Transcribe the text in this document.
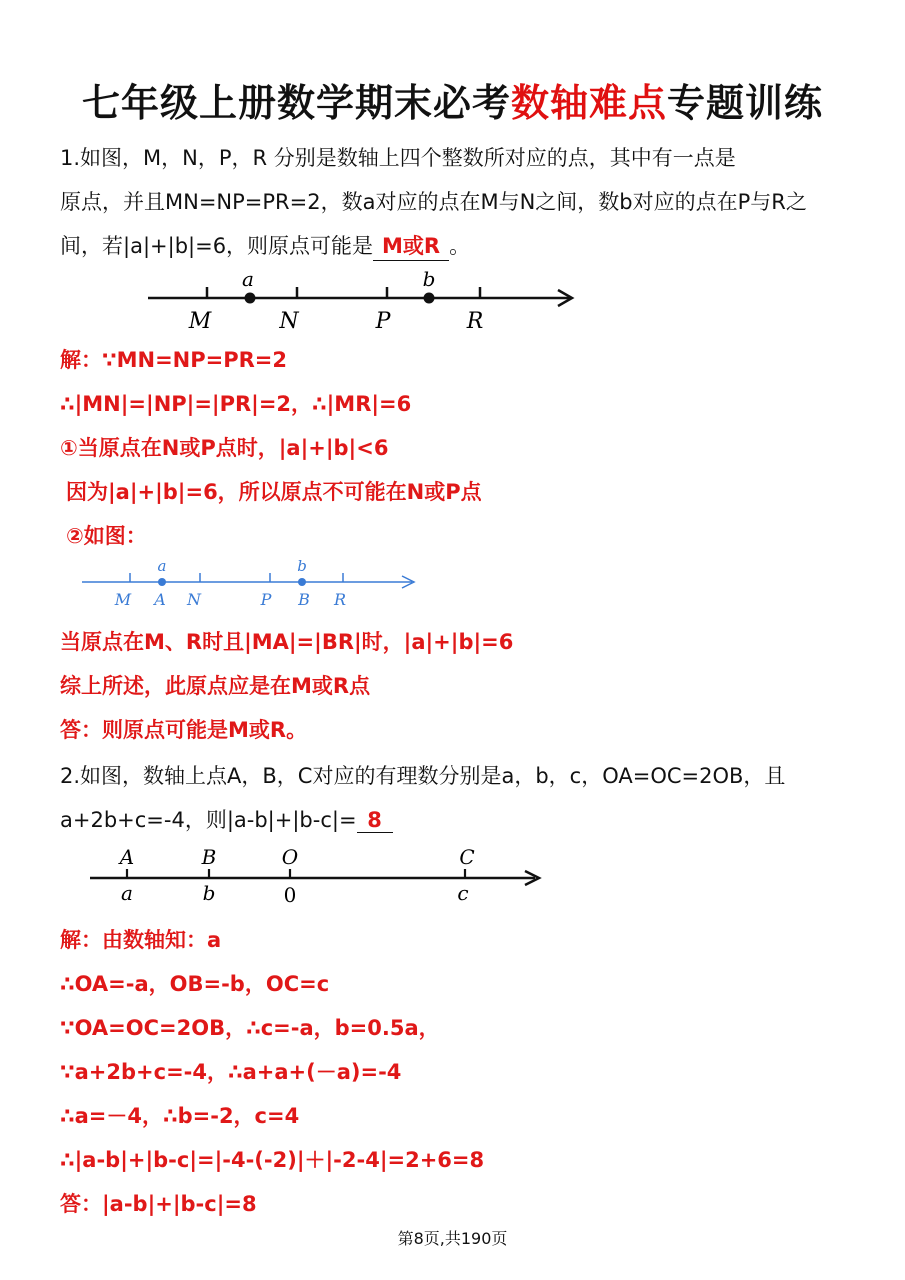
七年级上册数学期末必考数轴难点专题训练
1.如图，M，N，P，R 分别是数轴上四个整数所对应的点，其中有一点是
原点，并且MN=NP=PR=2，数a对应的点在M与N之间，数b对应的点在P与R之
间，若|a|+|b|=6，则原点可能是 M或R 。
a	b
M	N	P	R
解：∵MN=NP=PR=2
∴|MN|=|NP|=|PR|=2，∴|MR|=6
①当原点在N或P点时，|a|+|b|<6
因为|a|+|b|=6，所以原点不可能在N或P点
②如图：
a	b
M A N	P B R
当原点在M、R时且|MA|=|BR|时，|a|+|b|=6
综上所述，此原点应是在M或R点
答：则原点可能是M或R。
2.如图，数轴上点A，B，C对应的有理数分别是a，b，c，OA=OC=2OB，且
a+2b+c=-4，则|a-b|+|b-c|= 8
A	B	O	C
a	b	0	c
解：由数轴知：a
∴OA=-a，OB=-b，OC=c
∵OA=OC=2OB，∴c=-a，b=0.5a，
∵a+2b+c=-4，∴a+a+(－a)=-4
∴a=－4，∴b=-2，c=4
∴|a-b|+|b-c|=|-4-(-2)|＋|-2-4|=2+6=8
答：|a-b|+|b-c|=8
第8页,共190页
